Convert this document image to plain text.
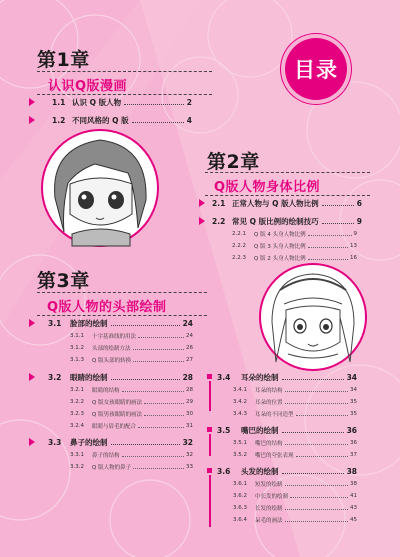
第1章
认识Q版漫画
1.1 认识 Q 版人物	2
1.2 不同风格的 Q 版	4
目录
第2章
Q版人物身体比例
2.1 正常人物与 Q 版人物比例	6
2.2 常见 Q 版比例的绘制技巧	9
2.2.1	Q 版 4 头身人物比例	9
2.2.2	Q 版 3 头身人物比例	13
2.2.3	Q 版 2 头身人物比例	16
第3章
Q版人物的头部绘制
3.1	脸部的绘制	24
3.1.1	十字基准线的用法	24
3.1.2	头部的绘制方法	26
3.1.3	Q 版头部的转换	27
3.2	眼睛的绘制	28
3.2.1	眼睛的结构	28
3.2.2	Q 版女孩眼睛的画法	29
3.2.3	Q 版男孩眼睛的画法	30
3.2.4	眼睛与眉毛的配合	31
3.3	鼻子的绘制	32
3.3.1	鼻子的结构	32
3.3.2	Q 版人物的鼻子	33
3.4	耳朵的绘制	34
3.4.1	耳朵的结构	34
3.4.2	耳朵的位置	35
3.4.3	耳朵的不同造型	35
3.5	嘴巴的绘制	36
3.5.1	嘴巴的结构	36
3.5.2	嘴巴的夸张表现	37
3.6	头发的绘制	38
3.6.1	短发的绘制	38
3.6.2	中长发的绘制	41
3.6.3	长发的绘制	43
3.6.4	呆毛的画法	45
